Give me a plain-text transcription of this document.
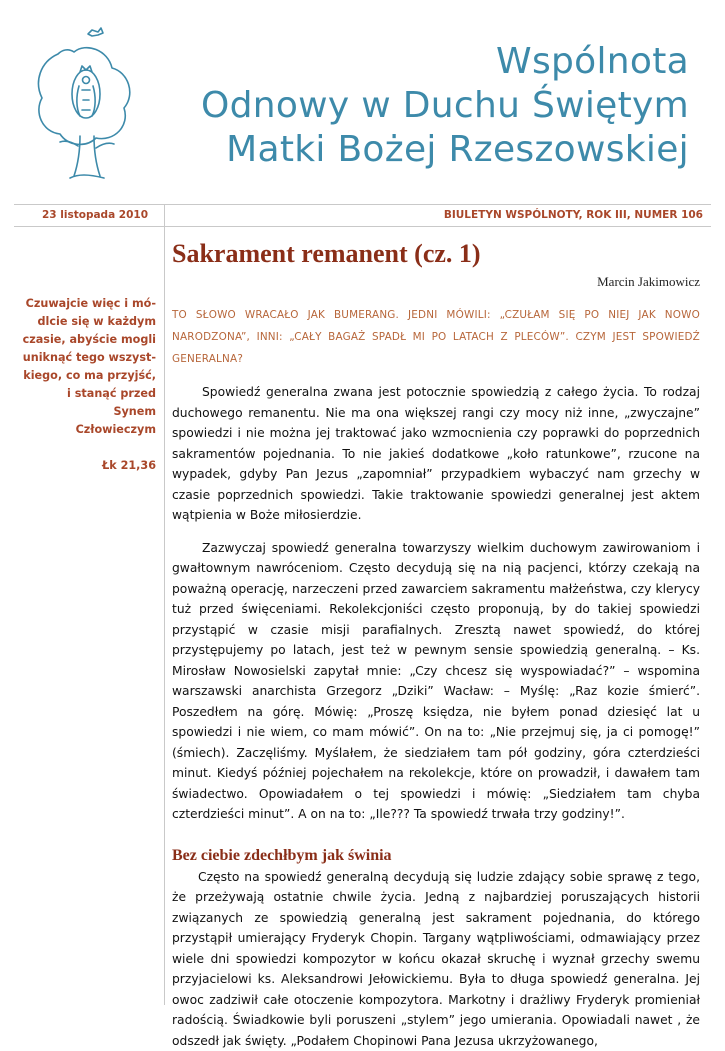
Wspólnota
Odnowy w Duchu Świętym
Matki Bożej Rzeszowskiej
23 listopada 2010	BIULETYN WSPÓLNOTY, ROK III, NUMER 106
Czuwajcie więc i mó-
dlcie się w każdym
czasie, abyście mogli
uniknąć tego wszyst-
kiego, co ma przyjść,
i stanąć przed Synem
Człowieczym
Łk 21,36
Sakrament remanent (cz. 1)
Marcin Jakimowicz
TO SŁOWO WRACAŁO JAK BUMERANG. JEDNI MÓWILI: „CZUŁAM SIĘ PO NIEJ JAK NOWO NARODZONA”, INNI: „CAŁY BAGAŻ SPADŁ MI PO LATACH Z PLECÓW”. CZYM JEST SPOWIEDŹ GENERALNA?

Spowiedź generalna zwana jest potocznie spowiedzią z całego życia. To rodzaj duchowego remanentu. Nie ma ona większej rangi czy mocy niż inne, „zwyczajne” spowiedzi i nie można jej traktować jako wzmocnienia czy poprawki do poprzednich sakramentów pojednania. To nie jakieś dodatkowe „koło ratunkowe”, rzucone na wypadek, gdyby Pan Jezus „zapomniał” przypadkiem wybaczyć nam grzechy w czasie poprzednich spowiedzi. Takie traktowanie spowiedzi generalnej jest aktem wątpienia w Boże miłosierdzie.

Zazwyczaj spowiedź generalna towarzyszy wielkim duchowym zawirowaniom i gwałtownym nawróceniom. Często decydują się na nią pacjenci, którzy czekają na poważną operację, narzeczeni przed zawarciem sakramentu małżeństwa, czy klerycy tuż przed święceniami. Rekolekcjoniści często proponują, by do takiej spowiedzi przystąpić w czasie misji parafialnych. Zresztą nawet spowiedź, do której przystępujemy po latach, jest też w pewnym sensie spowiedzią generalną. – Ks. Mirosław Nowosielski zapytał mnie: „Czy chcesz się wyspowiadać?” – wspomina warszawski anarchista Grzegorz „Dziki” Wacław: – Myślę: „Raz kozie śmierć”. Poszedłem na górę. Mówię: „Proszę księdza, nie byłem ponad dziesięć lat u spowiedzi i nie wiem, co mam mówić”. On na to: „Nie przejmuj się, ja ci pomogę!” (śmiech). Zaczęliśmy. Myślałem, że siedziałem tam pół godziny, góra czterdzieści minut. Kiedyś później pojechałem na rekolekcje, które on prowadził, i dawałem tam świadectwo. Opowiadałem o tej spowiedzi i mówię: „Siedziałem tam chyba czterdzieści minut”. A on na to: „Ile??? Ta spowiedź trwała trzy godziny!”.

Bez ciebie zdechłbym jak świnia

Często na spowiedź generalną decydują się ludzie zdający sobie sprawę z tego, że przeżywają ostatnie chwile życia. Jedną z najbardziej poruszających historii związanych ze spowiedzią generalną jest sakrament pojednania, do którego przystąpił umierający Fryderyk Chopin. Targany wątpliwościami, odmawiający przez wiele dni spowiedzi kompozytor w końcu okazał skruchę i wyznał grzechy swemu przyjacielowi ks. Aleksandrowi Jełowickiemu. Była to długa spowiedź generalna. Jej owoc zadziwił całe otoczenie kompozytora. Markotny i drażliwy Fryderyk promieniał radością. Świadkowie byli poruszeni „stylem” jego umierania. Opowiadali nawet , że odszedł jak święty. „Podałem Chopinowi Pana Jezusa ukrzyżowanego,
